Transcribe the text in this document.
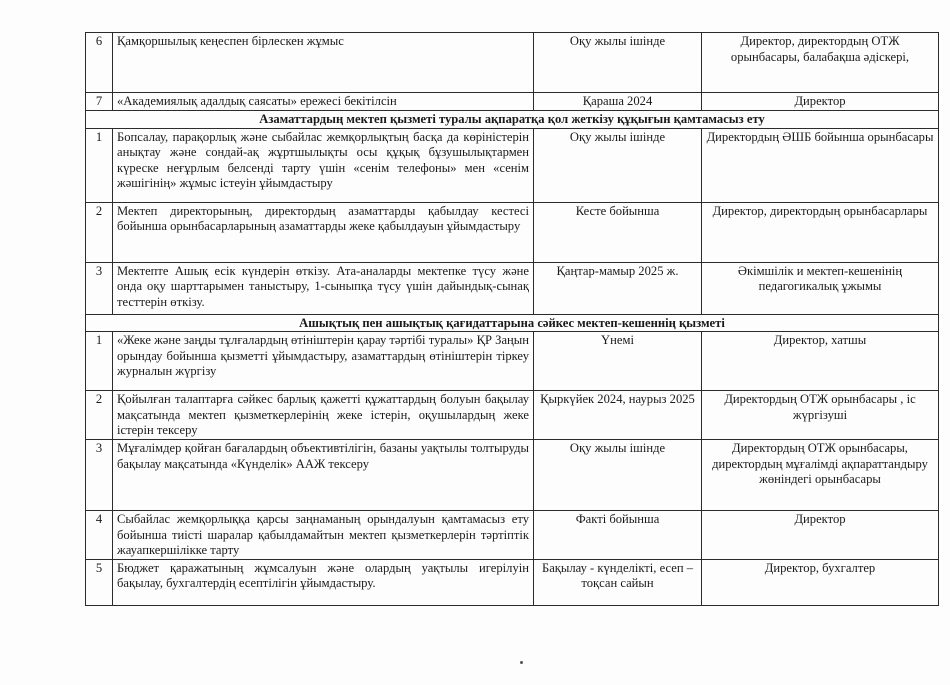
6	Қамқоршылық кеңеспен бірлескен жұмыс	Оқу жылы ішінде	Директор, директордың ОТЖ орынбасары, балабақша әдіскері,
7	«Академиялық адалдық саясаты» ережесі бекітілсін	Қараша 2024	Директор
Азаматтардың мектеп қызметі туралы ақпаратқа қол жеткізу құқығын қамтамасыз ету			
1	Бопсалау, парақорлық және сыбайлас жемқорлықтың басқа да көріністерін анықтау және сондай-ақ жұртшылықты осы құқық бұзушылықтармен күреске неғұрлым белсенді тарту үшін «сенім телефоны» мен «сенім жәшігінің» жұмыс істеуін ұйымдастыру	Оқу жылы ішінде	Директордың ӘШБ бойынша орынбасары
2	Мектеп директорының, директордың азаматтарды қабылдау кестесі бойынша орынбасарларының азаматтарды жеке қабылдауын ұйымдастыру	Кесте бойынша	Директор, директордың орынбасарлары
3	Мектепте Ашық есік күндерін өткізу. Ата-аналарды мектепке түсу және онда оқу шарттарымен таныстыру, 1-сыныпқа түсу үшін дайындық-сынақ тесттерін өткізу.	Қаңтар-мамыр 2025 ж.	Әкімшілік и мектеп-кешенінің педагогикалық ұжымы
Ашықтық пен ашықтық қағидаттарына сәйкес мектеп-кешеннің қызметі			
1	«Жеке және заңды тұлғалардың өтініштерін қарау тәртібі туралы» ҚР Заңын орындау бойынша қызметті ұйымдастыру, азаматтардың өтініштерін тіркеу журналын жүргізу	Үнемі	Директор, хатшы
2	Қойылған талаптарға сәйкес барлық қажетті құжаттардың болуын бақылау мақсатында мектеп қызметкерлерінің жеке істерін, оқушылардың жеке істерін тексеру	Қыркүйек 2024, наурыз 2025	Директордың ОТЖ орынбасары , іс жүргізуші
3	Мұғалімдер қойған бағалардың объективтілігін, базаны уақтылы толтыруды бақылау мақсатында «Күнделік» ААЖ тексеру	Оқу жылы ішінде	Директордың ОТЖ орынбасары, директордың мұғалімді ақпараттандыру жөніндегі орынбасары
4	Сыбайлас жемқорлыққа қарсы заңнаманың орындалуын қамтамасыз ету бойынша тиісті шаралар қабылдамайтын мектеп қызметкерлерін тәртіптік жауапкершілікке тарту	Факті бойынша	Директор
5	Бюджет қаражатының жұмсалуын және олардың уақтылы игерілуін бақылау, бухгалтердің есептілігін ұйымдастыру.	Бақылау - күнделікті, есеп – тоқсан сайын	Директор, бухгалтер
